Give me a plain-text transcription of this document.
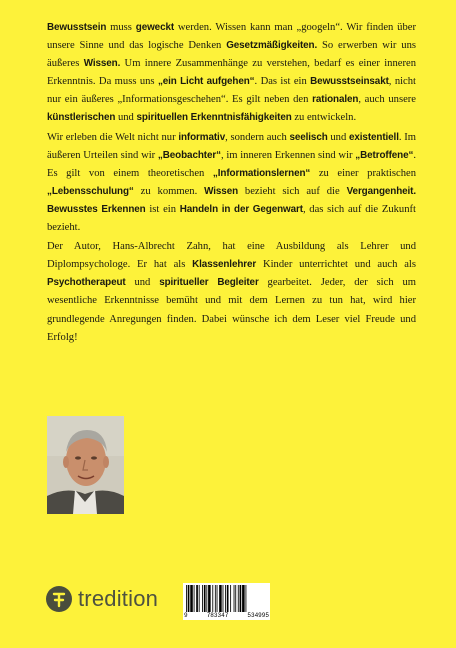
Bewusstsein muss geweckt werden. Wissen kann man „googeln“. Wir finden über unsere Sinne und das logische Denken Gesetzmäßigkeiten. So erwerben wir uns äußeres Wissen. Um innere Zusammenhänge zu verstehen, bedarf es einer inneren Erkenntnis. Da muss uns „ein Licht aufgehen“. Das ist ein Bewusstseinsakt, nicht nur ein äußeres „Informationsgeschehen“. Es gilt neben den rationalen, auch unsere künstlerischen und spirituellen Erkenntnisfähigkeiten zu entwickeln.

Wir erleben die Welt nicht nur informativ, sondern auch seelisch und existentiell. Im äußeren Urteilen sind wir „Beobachter“, im inneren Erkennen sind wir „Betroffene“. Es gilt von einem theoretischen „Informationslernen“ zu einer praktischen „Lebensschulung“ zu kommen. Wissen bezieht sich auf die Vergangenheit. Bewusstes Erkennen ist ein Handeln in der Gegenwart, das sich auf die Zukunft bezieht.

Der Autor, Hans-Albrecht Zahn, hat eine Ausbildung als Lehrer und Diplompsychologe. Er hat als Klassenlehrer Kinder unterrichtet und auch als Psychotherapeut und spiritueller Begleiter gearbeitet. Jeder, der sich um wesentliche Erkenntnisse bemüht und mit dem Lernen zu tun hat, wird hier grundlegende Anregungen finden. Dabei wünsche ich dem Leser viel Freude und Erfolg!

tredition
9	783347	534995
